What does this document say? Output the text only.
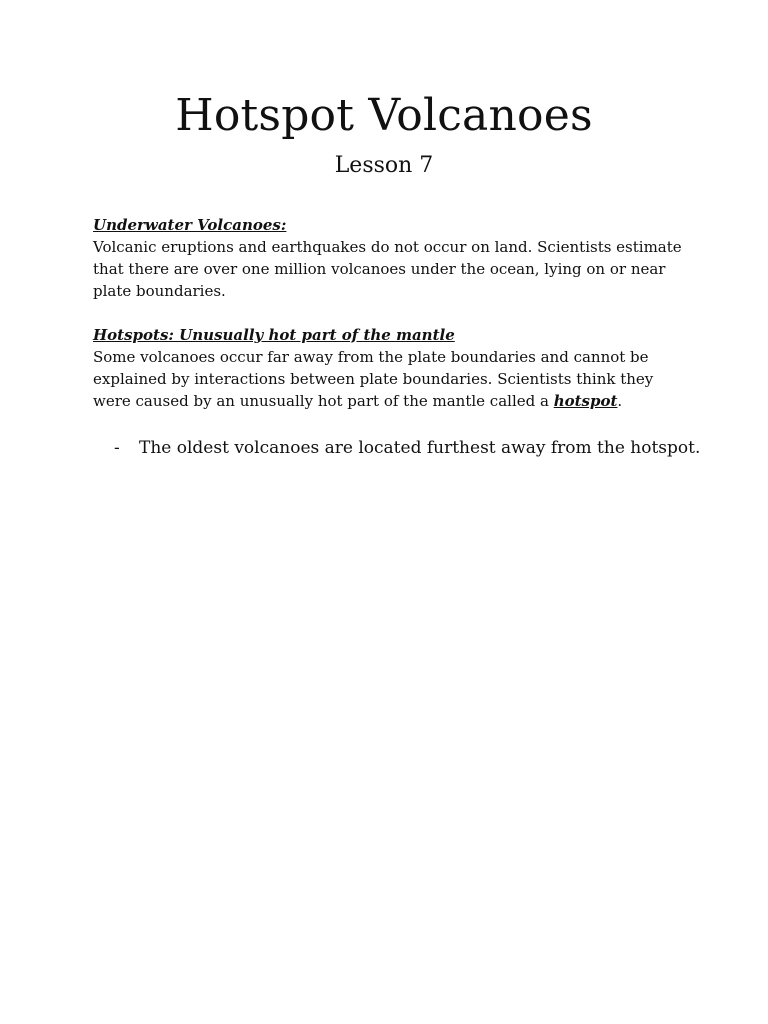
Hotspot Volcanoes
Lesson 7

Underwater Volcanoes:

Volcanic eruptions and earthquakes do not occur on land. Scientists estimate that there are over one million volcanoes under the ocean, lying on or near plate boundaries.

Hotspots: Unusually hot part of the mantle

Some volcanoes occur far away from the plate boundaries and cannot be explained by interactions between plate boundaries. Scientists think they were caused by an unusually hot part of the mantle called a hotspot.

-	The oldest volcanoes are located furthest away from the hotspot.
